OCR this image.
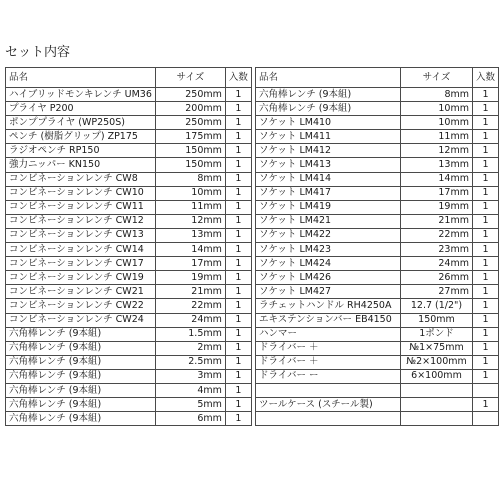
セット内容
品名	サイズ	入数
ハイブリッドモンキレンチ UM36	250mm	1
プライヤ P200	200mm	1
ポンププライヤ (WP250S)	250mm	1
ペンチ (樹脂グリップ) ZP175	175mm	1
ラジオペンチ RP150	150mm	1
強力ニッパー KN150	150mm	1
コンビネーションレンチ CW8	8mm	1
コンビネーションレンチ CW10	10mm	1
コンビネーションレンチ CW11	11mm	1
コンビネーションレンチ CW12	12mm	1
コンビネーションレンチ CW13	13mm	1
コンビネーションレンチ CW14	14mm	1
コンビネーションレンチ CW17	17mm	1
コンビネーションレンチ CW19	19mm	1
コンビネーションレンチ CW21	21mm	1
コンビネーションレンチ CW22	22mm	1
コンビネーションレンチ CW24	24mm	1
六角棒レンチ (9本組)	1.5mm	1
六角棒レンチ (9本組)	2mm	1
六角棒レンチ (9本組)	2.5mm	1
六角棒レンチ (9本組)	3mm	1
六角棒レンチ (9本組)	4mm	1
六角棒レンチ (9本組)	5mm	1
六角棒レンチ (9本組)	6mm	1
品名	サイズ	入数
六角棒レンチ (9本組)	8mm	1
六角棒レンチ (9本組)	10mm	1
ソケット LM410	10mm	1
ソケット LM411	11mm	1
ソケット LM412	12mm	1
ソケット LM413	13mm	1
ソケット LM414	14mm	1
ソケット LM417	17mm	1
ソケット LM419	19mm	1
ソケット LM421	21mm	1
ソケット LM422	22mm	1
ソケット LM423	23mm	1
ソケット LM424	24mm	1
ソケット LM426	26mm	1
ソケット LM427	27mm	1
ラチェットハンドル RH4250A	12.7 (1/2")	1
エキステンションバー EB4150	150mm	1
ハンマー	1ポンド	1
ドライバー ＋	№1×75mm	1
ドライバー ＋	№2×100mm	1
ドライバー ー	6×100mm	1

ツールケース (スチール製)		1
